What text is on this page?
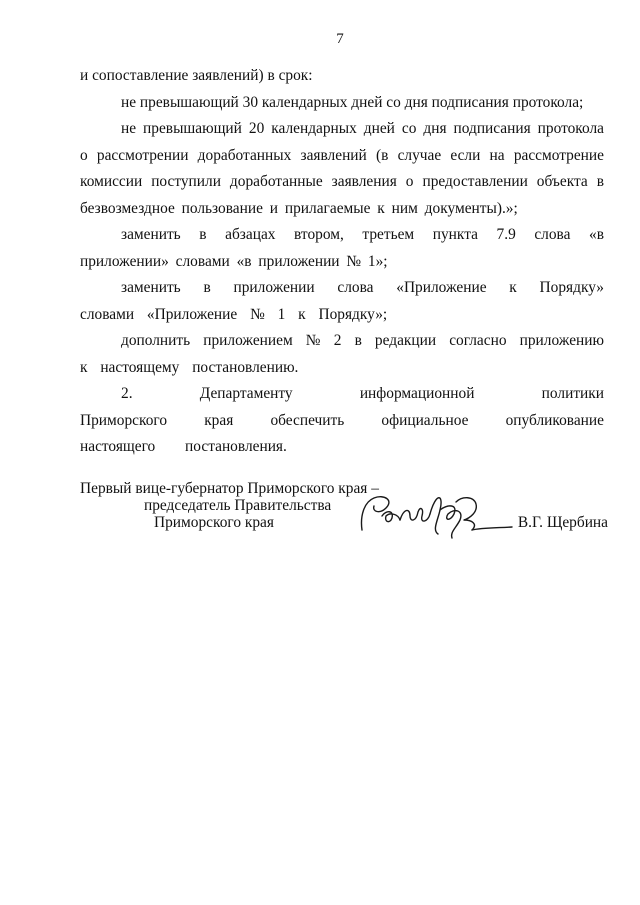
7

и сопоставление заявлений) в срок:

не превышающий 30 календарных дней со дня подписания протокола;

не превышающий 20 календарных дней со дня подписания протокола о рассмотрении доработанных заявлений (в случае если на рассмотрение комиссии поступили доработанные заявления о предоставлении объекта в безвозмездное пользование и прилагаемые к ним документы).»;

заменить в абзацах втором, третьем пункта 7.9 слова «в приложении» словами «в приложении № 1»;

заменить в приложении слова «Приложение к Порядку» словами «Приложение № 1 к Порядку»;

дополнить приложением № 2 в редакции согласно приложению к настоящему постановлению.

2. Департаменту информационной политики Приморского края обеспечить официальное опубликование настоящего постановления.

Первый вице-губернатор Приморского края –
председатель Правительства
Приморского края	В.Г. Щербина
